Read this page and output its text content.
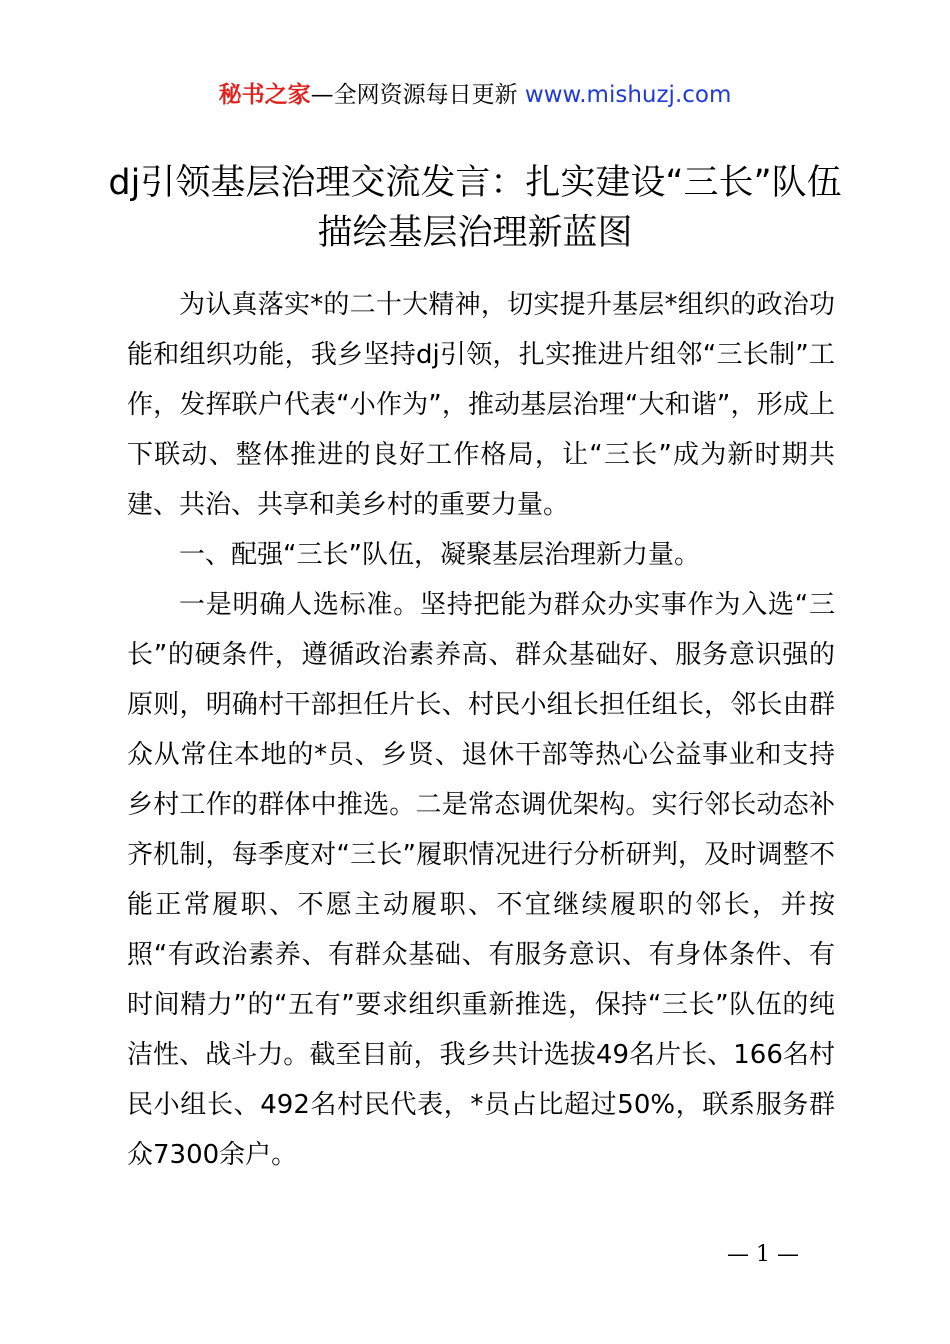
秘书之家—全网资源每日更新 www.mishuzj.com
dj引领基层治理交流发言：扎实建设“三长”队伍描绘基层治理新蓝图

为认真落实*的二十大精神，切实提升基层*组织的政治功能和组织功能，我乡坚持dj引领，扎实推进片组邻“三长制”工作，发挥联户代表“小作为”，推动基层治理“大和谐”，形成上下联动、整体推进的良好工作格局，让“三长”成为新时期共建、共治、共享和美乡村的重要力量。

一、配强“三长”队伍，凝聚基层治理新力量。

一是明确人选标准。坚持把能为群众办实事作为入选“三长”的硬条件，遵循政治素养高、群众基础好、服务意识强的原则，明确村干部担任片长、村民小组长担任组长，邻长由群众从常住本地的*员、乡贤、退休干部等热心公益事业和支持乡村工作的群体中推选。二是常态调优架构。实行邻长动态补齐机制，每季度对“三长”履职情况进行分析研判，及时调整不能正常履职、不愿主动履职、不宜继续履职的邻长，并按照“有政治素养、有群众基础、有服务意识、有身体条件、有时间精力”的“五有”要求组织重新推选，保持“三长”队伍的纯洁性、战斗力。截至目前，我乡共计选拔49名片长、166名村民小组长、492名村民代表，*员占比超过50%，联系服务群众7300余户。

— 1 —
